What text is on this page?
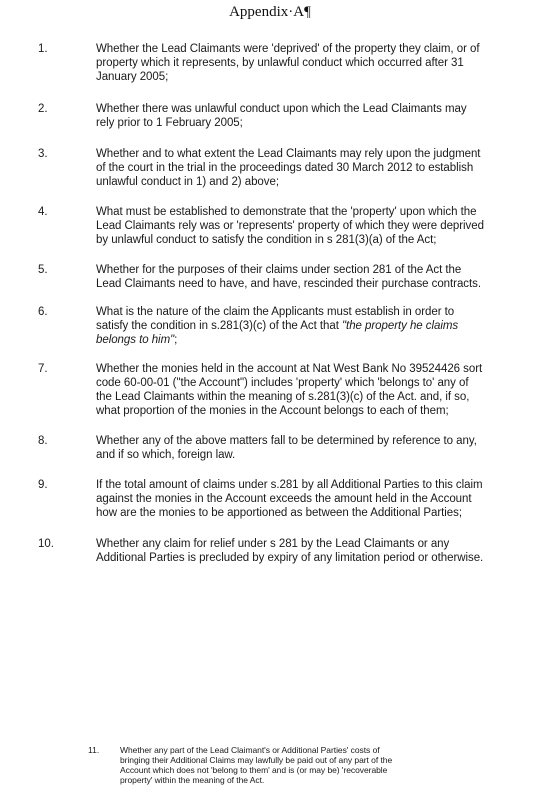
Appendix·A¶
1.	Whether the Lead Claimants were 'deprived' of the property they claim, or of
property which it represents, by unlawful conduct which occurred after 31
January 2005;
2.	Whether there was unlawful conduct upon which the Lead Claimants may
rely prior to 1 February 2005;
3.	Whether and to what extent the Lead Claimants may rely upon the judgment
of the court in the trial in the proceedings dated 30 March 2012 to establish
unlawful conduct in 1) and 2) above;
4.	What must be established to demonstrate that the 'property' upon which the
Lead Claimants rely was or 'represents' property of which they were deprived
by unlawful conduct to satisfy the condition in s 281(3)(a) of the Act;
5.	Whether for the purposes of their claims under section 281 of the Act the
Lead Claimants need to have, and have, rescinded their purchase contracts.
6.	What is the nature of the claim the Applicants must establish in order to
satisfy the condition in s.281(3)(c) of the Act that "the property he claims
belongs to him";
7.	Whether the monies held in the account at Nat West Bank No 39524426 sort
code 60-00-01 ("the Account") includes 'property' which 'belongs to' any of
the Lead Claimants within the meaning of s.281(3)(c) of the Act. and, if so,
what proportion of the monies in the Account belongs to each of them;
8.	Whether any of the above matters fall to be determined by reference to any,
and if so which, foreign law.
9.	If the total amount of claims under s.281 by all Additional Parties to this claim
against the monies in the Account exceeds the amount held in the Account
how are the monies to be apportioned as between the Additional Parties;
10.	Whether any claim for relief under s 281 by the Lead Claimants or any
Additional Parties is precluded by expiry of any limitation period or otherwise.
11. Whether any part of the Lead Claimant's or Additional Parties' costs of
bringing their Additional Claims may lawfully be paid out of any part of the
Account which does not 'belong to them' and is (or may be) 'recoverable
property' within the meaning of the Act.
